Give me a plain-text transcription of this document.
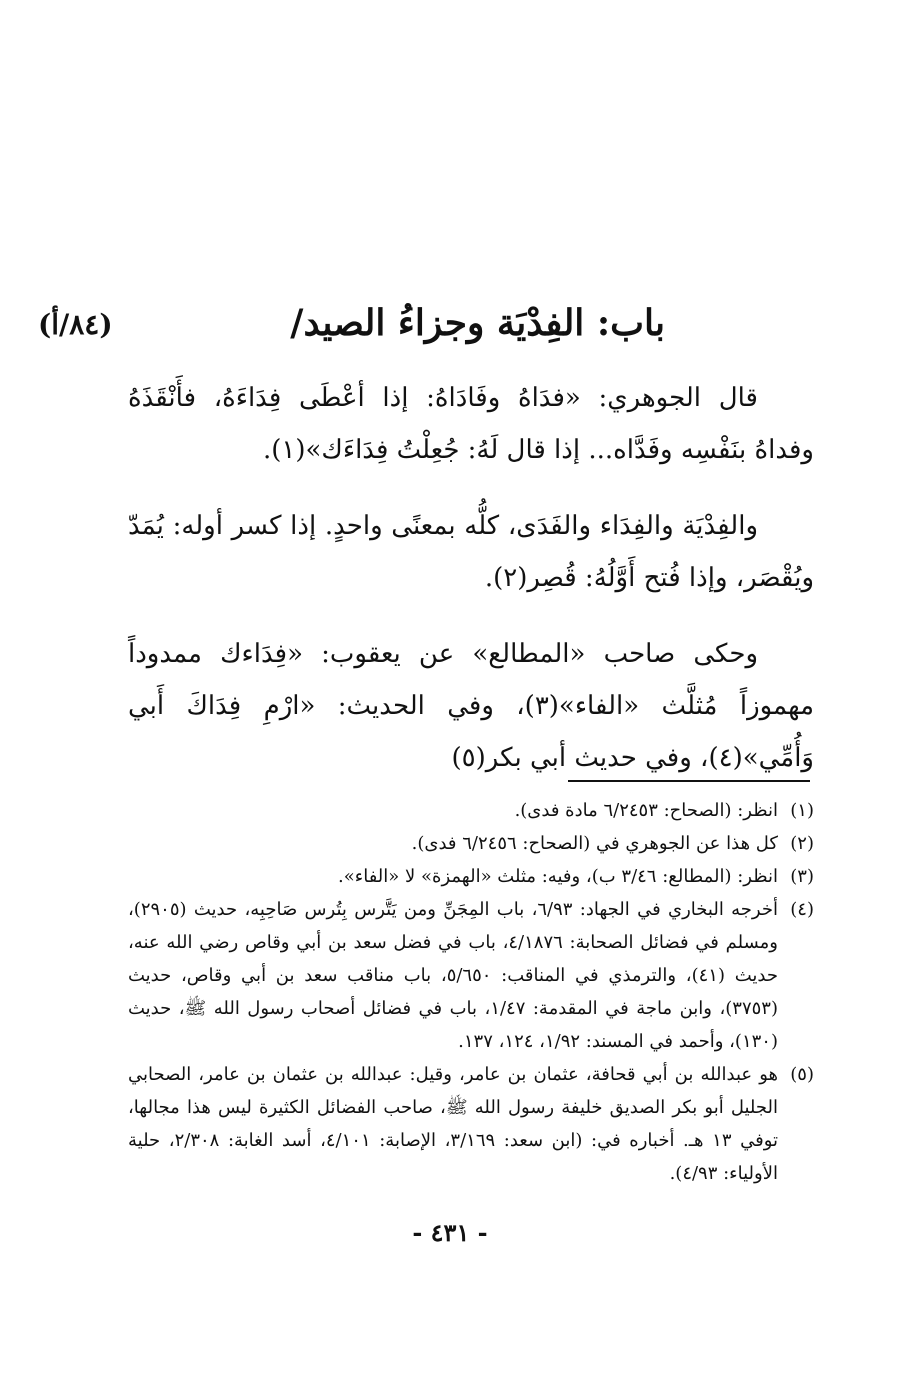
باب: الفِدْيَة وجزاءُ الصيد/
(٨٤/أ)

قال الجوهري: «فدَاهُ وفَادَاهُ: إذا أعْطَى فِدَاءَهُ، فأَنْقَذَهُ وفداهُ بنَفْسِه وفَدَّاه... إذا قال لَهُ: جُعِلْتُ فِدَاءَك»(١).

والفِدْيَة والفِدَاء والفَدَى، كلُّه بمعنًى واحدٍ. إذا كسر أوله: يُمَدّ ويُقْصَر، وإذا فُتح أَوَّلُهُ: قُصِر(٢).

وحكى صاحب «المطالع» عن يعقوب: «فِدَاءك ممدوداً مهموزاً مُثلَّث «الفاء»(٣)، وفي الحديث: «ارْمِ فِدَاكَ أَبي وَأُمِّي»(٤)، وفي حديث أبي بكر(٥)

(١)
انظر: (الصحاح: ٦/٢٤٥٣ مادة فدى).
(٢)
كل هذا عن الجوهري في (الصحاح: ٦/٢٤٥٦ فدى).
(٣)
انظر: (المطالع: ٣/٤٦ ب)، وفيه: مثلث «الهمزة» لا «الفاء».
(٤)
أخرجه البخاري في الجهاد: ٦/٩٣، باب المِجَنِّ ومن يَتَّرس بِتُرس صَاحِبِه، حديث (٢٩٠٥)، ومسلم في فضائل الصحابة: ٤/١٨٧٦، باب في فضل سعد بن أبي وقاص رضي الله عنه، حديث (٤١)، والترمذي في المناقب: ٥/٦٥٠، باب مناقب سعد بن أبي وقاص، حديث (٣٧٥٣)، وابن ماجة في المقدمة: ١/٤٧، باب في فضائل أصحاب رسول الله ﷺ، حديث (١٣٠)، وأحمد في المسند: ١/٩٢، ١٢٤، ١٣٧.
(٥)
هو عبدالله بن أبي قحافة، عثمان بن عامر، وقيل: عبدالله بن عثمان بن عامر، الصحابي الجليل أبو بكر الصديق خليفة رسول الله ﷺ، صاحب الفضائل الكثيرة ليس هذا مجالها، توفي ١٣ هـ. أخباره في: (ابن سعد: ٣/١٦٩، الإصابة: ٤/١٠١، أسد الغابة: ٢/٣٠٨، حلية الأولياء: ٤/٩٣).
- ٤٣١ -
